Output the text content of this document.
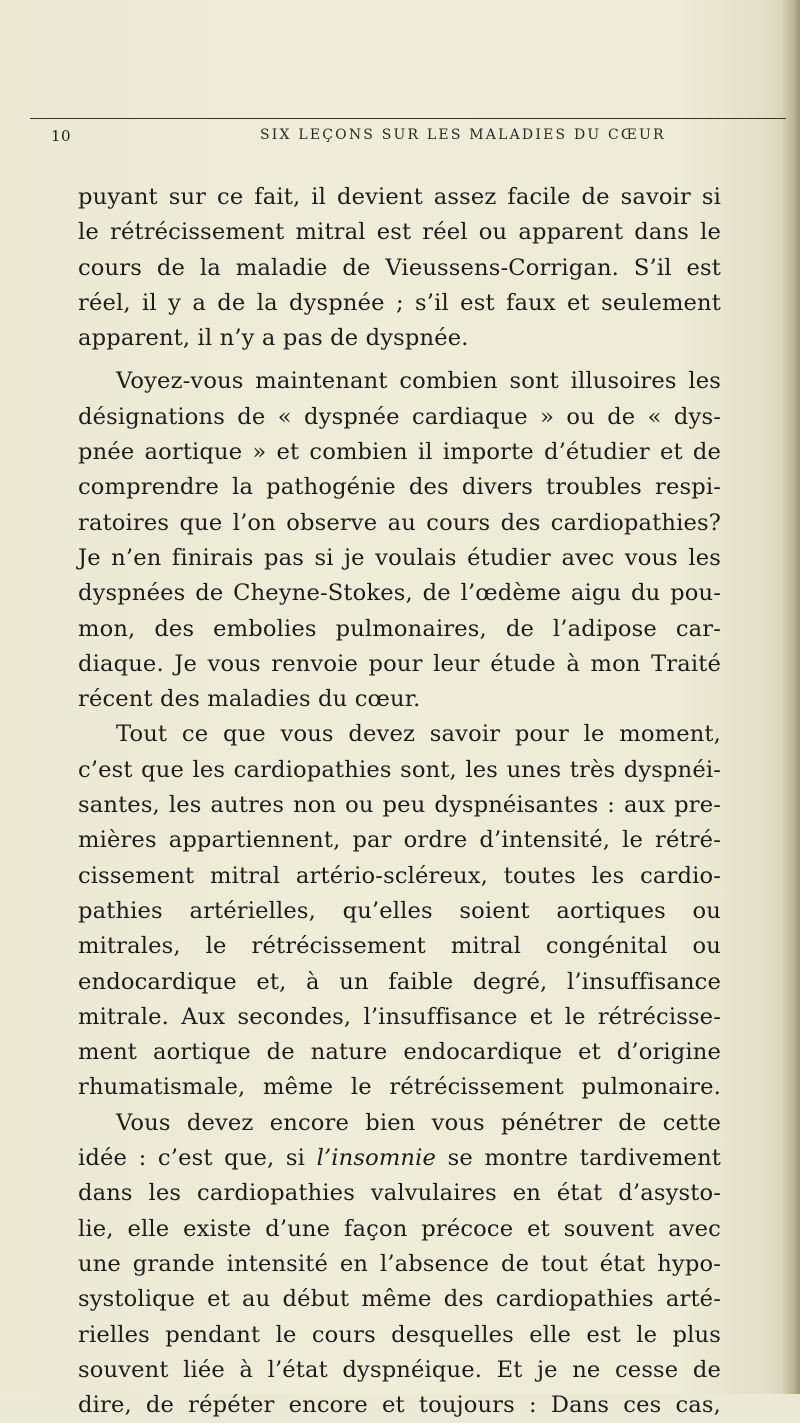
10	SIX LEÇONS SUR LES MALADIES DU CŒUR
puyant sur ce fait, il devient assez facile de savoir si
le rétrécissement mitral est réel ou apparent dans le
cours de la maladie de Vieussens-Corrigan. S’il est
réel, il y a de la dyspnée ; s’il est faux et seulement
apparent, il n’y a pas de dyspnée.
Voyez-vous maintenant combien sont illusoires les
désignations de « dyspnée cardiaque » ou de « dys-
pnée aortique » et combien il importe d’étudier et de
comprendre la pathogénie des divers troubles respi-
ratoires que l’on observe au cours des cardiopathies?
Je n’en finirais pas si je voulais étudier avec vous les
dyspnées de Cheyne-Stokes, de l’œdème aigu du pou-
mon, des embolies pulmonaires, de l’adipose car-
diaque. Je vous renvoie pour leur étude à mon Traité
récent des maladies du cœur.
Tout ce que vous devez savoir pour le moment,
c’est que les cardiopathies sont, les unes très dyspnéi-
santes, les autres non ou peu dyspnéisantes : aux pre-
mières appartiennent, par ordre d’intensité, le rétré-
cissement mitral artério-scléreux, toutes les cardio-
pathies artérielles, qu’elles soient aortiques ou
mitrales, le rétrécissement mitral congénital ou
endocardique et, à un faible degré, l’insuffisance
mitrale. Aux secondes, l’insuffisance et le rétrécisse-
ment aortique de nature endocardique et d’origine
rhumatismale, même le rétrécissement pulmonaire.
Vous devez encore bien vous pénétrer de cette
idée : c’est que, si l’insomnie se montre tardivement
dans les cardiopathies valvulaires en état d’asysto-
lie, elle existe d’une façon précoce et souvent avec
une grande intensité en l’absence de tout état hypo-
systolique et au début même des cardiopathies arté-
rielles pendant le cours desquelles elle est le plus
souvent liée à l’état dyspnéique. Et je ne cesse de
dire, de répéter encore et toujours : Dans ces cas,
